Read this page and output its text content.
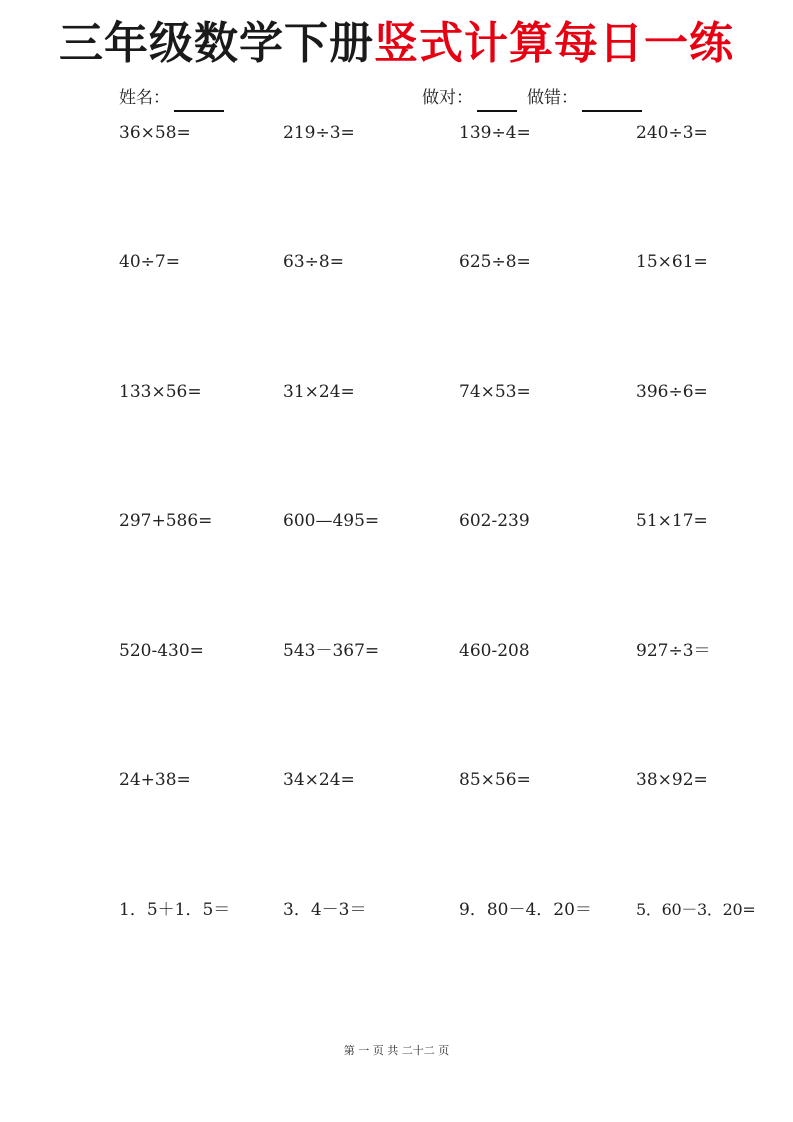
三年级数学下册竖式计算每日一练
姓名：	做对：	做错：
36×58=	219÷3=	139÷4=	240÷3=
40÷7=	63÷8=	625÷8=	15×61=
133×56=	31×24=	74×53=	396÷6=
297+586=	600—495=	602-239	51×17=
520-430=	543－367=	460-208	927÷3＝
24+38=	34×24=	85×56=	38×92=
1．5＋1．5＝	3．4－3＝	9．80－4．20＝	5．60－3．20=
第 一 页 共 二十二 页
